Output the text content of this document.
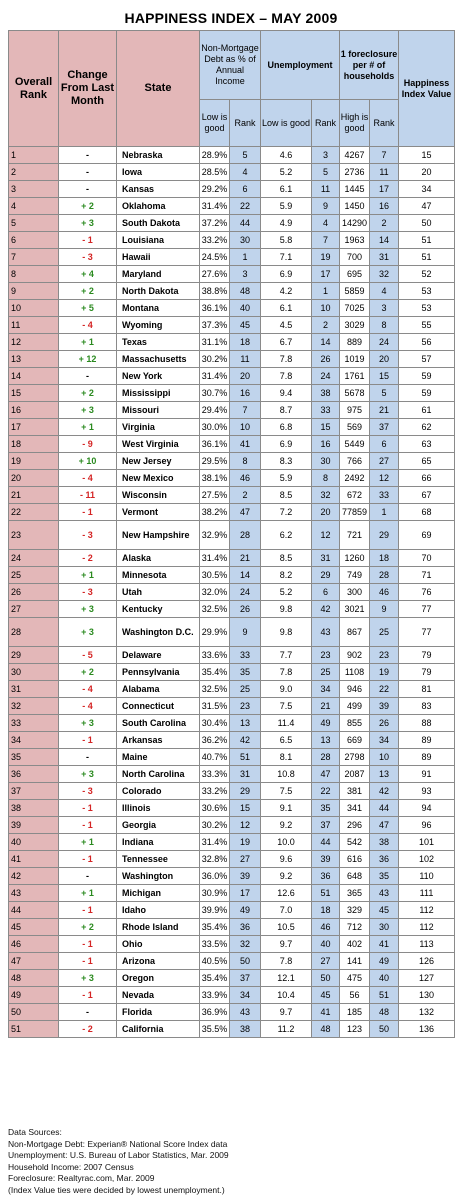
HAPPINESS INDEX – MAY 2009
Overall Rank	Change From Last Month	State	Non-Mortgage Debt as % of Annual Income		Unemployment		1 foreclosure per # of households		Happiness Index Value
			Low is good	Rank	Low is good	Rank	High is good	Rank	
1	-	Nebraska	28.9%	5	4.6	3	4267	7	15
2	-	Iowa	28.5%	4	5.2	5	2736	11	20
3	-	Kansas	29.2%	6	6.1	11	1445	17	34
4	+ 2	Oklahoma	31.4%	22	5.9	9	1450	16	47
5	+ 3	South Dakota	37.2%	44	4.9	4	14290	2	50
6	- 1	Louisiana	33.2%	30	5.8	7	1963	14	51
7	- 3	Hawaii	24.5%	1	7.1	19	700	31	51
8	+ 4	Maryland	27.6%	3	6.9	17	695	32	52
9	+ 2	North Dakota	38.8%	48	4.2	1	5859	4	53
10	+ 5	Montana	36.1%	40	6.1	10	7025	3	53
11	- 4	Wyoming	37.3%	45	4.5	2	3029	8	55
12	+ 1	Texas	31.1%	18	6.7	14	889	24	56
13	+ 12	Massachusetts	30.2%	11	7.8	26	1019	20	57
14	-	New York	31.4%	20	7.8	24	1761	15	59
15	+ 2	Mississippi	30.7%	16	9.4	38	5678	5	59
16	+ 3	Missouri	29.4%	7	8.7	33	975	21	61
17	+ 1	Virginia	30.0%	10	6.8	15	569	37	62
18	- 9	West Virginia	36.1%	41	6.9	16	5449	6	63
19	+ 10	New Jersey	29.5%	8	8.3	30	766	27	65
20	- 4	New Mexico	38.1%	46	5.9	8	2492	12	66
21	- 11	Wisconsin	27.5%	2	8.5	32	672	33	67
22	- 1	Vermont	38.2%	47	7.2	20	77859	1	68
23	- 3	New Hampshire	32.9%	28	6.2	12	721	29	69
24	- 2	Alaska	31.4%	21	8.5	31	1260	18	70
25	+ 1	Minnesota	30.5%	14	8.2	29	749	28	71
26	- 3	Utah	32.0%	24	5.2	6	300	46	76
27	+ 3	Kentucky	32.5%	26	9.8	42	3021	9	77
28	+ 3	Washington D.C.	29.9%	9	9.8	43	867	25	77
29	- 5	Delaware	33.6%	33	7.7	23	902	23	79
30	+ 2	Pennsylvania	35.4%	35	7.8	25	1108	19	79
31	- 4	Alabama	32.5%	25	9.0	34	946	22	81
32	- 4	Connecticut	31.5%	23	7.5	21	499	39	83
33	+ 3	South Carolina	30.4%	13	11.4	49	855	26	88
34	- 1	Arkansas	36.2%	42	6.5	13	669	34	89
35	-	Maine	40.7%	51	8.1	28	2798	10	89
36	+ 3	North Carolina	33.3%	31	10.8	47	2087	13	91
37	- 3	Colorado	33.2%	29	7.5	22	381	42	93
38	- 1	Illinois	30.6%	15	9.1	35	341	44	94
39	- 1	Georgia	30.2%	12	9.2	37	296	47	96
40	+ 1	Indiana	31.4%	19	10.0	44	542	38	101
41	- 1	Tennessee	32.8%	27	9.6	39	616	36	102
42	-	Washington	36.0%	39	9.2	36	648	35	110
43	+ 1	Michigan	30.9%	17	12.6	51	365	43	111
44	- 1	Idaho	39.9%	49	7.0	18	329	45	112
45	+ 2	Rhode Island	35.4%	36	10.5	46	712	30	112
46	- 1	Ohio	33.5%	32	9.7	40	402	41	113
47	- 1	Arizona	40.5%	50	7.8	27	141	49	126
48	+ 3	Oregon	35.4%	37	12.1	50	475	40	127
49	- 1	Nevada	33.9%	34	10.4	45	56	51	130
50	-	Florida	36.9%	43	9.7	41	185	48	132
51	- 2	California	35.5%	38	11.2	48	123	50	136
Data Sources:
Non-Mortgage Debt: Experian® National Score Index data
Unemployment: U.S. Bureau of Labor Statistics, Mar. 2009
Household Income: 2007 Census
Foreclosure: Realtyrac.com, Mar. 2009
(Index Value ties were decided by lowest unemployment.)
